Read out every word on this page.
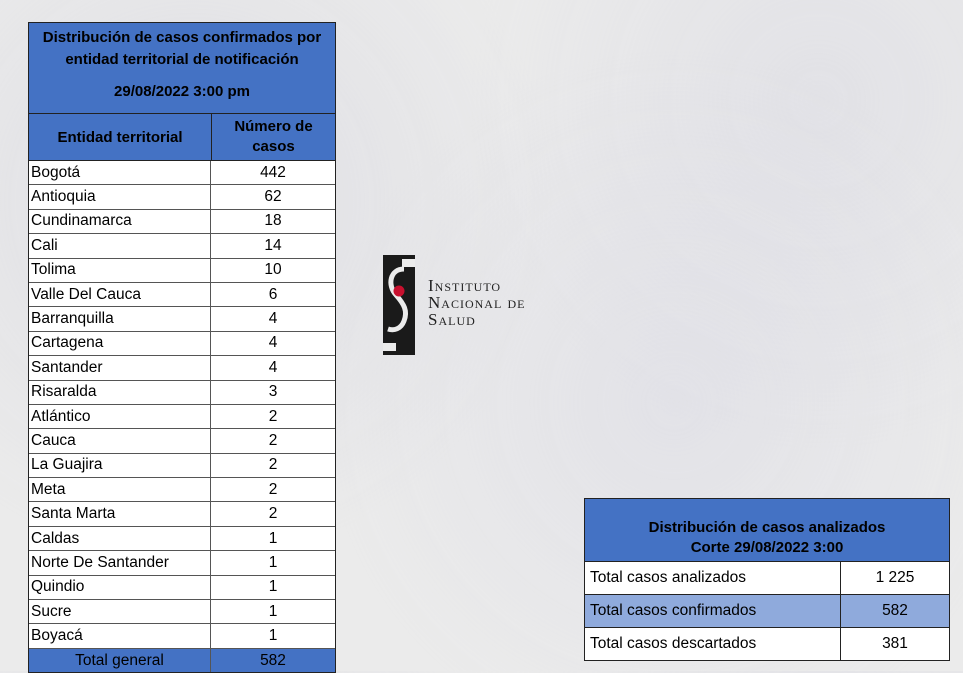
Distribución de casos confirmados por
entidad territorial de notificación
29/08/2022 3:00 pm
Entidad territorial
Número de
casos
Bogotá	442
Antioquia	62
Cundinamarca	18
Cali	14
Tolima	10
Valle Del Cauca	6
Barranquilla	4
Cartagena	4
Santander	4
Risaralda	3
Atlántico	2
Cauca	2
La Guajira	2
Meta	2
Santa Marta	2
Caldas	1
Norte De Santander	1
Quindio	1
Sucre	1
Boyacá	1
Total general	582
Instituto
Nacional de
Salud
Distribución de casos analizados
Corte 29/08/2022 3:00
Total casos analizados	1 225
Total casos confirmados	582
Total casos descartados	381
